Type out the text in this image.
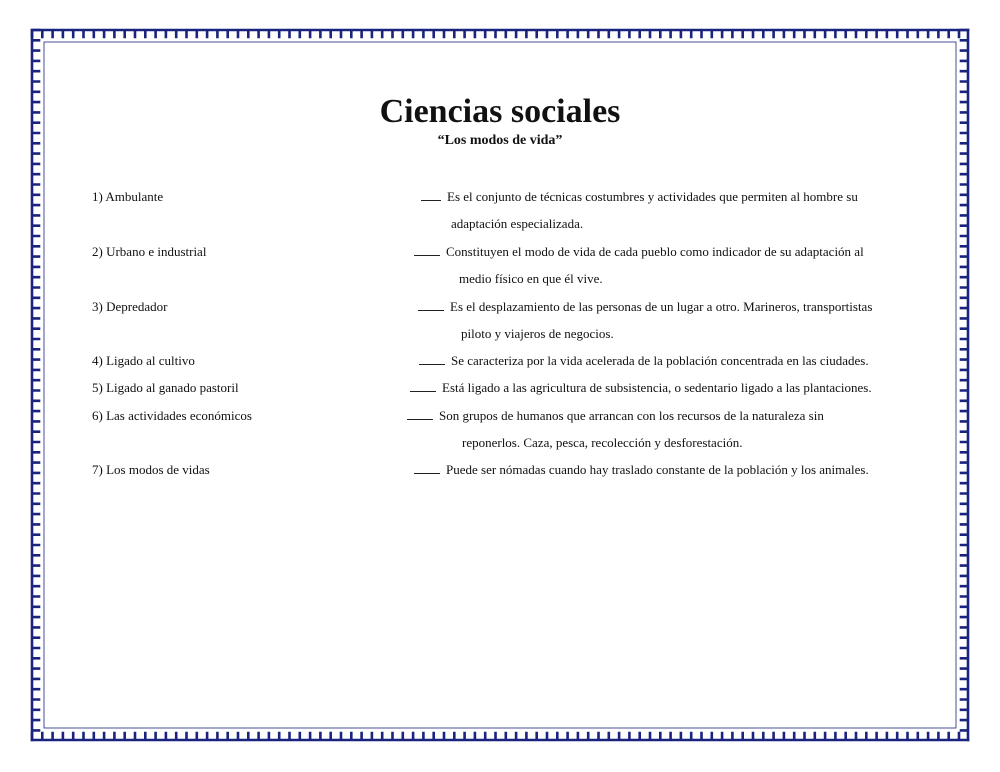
Ciencias sociales
“Los modos de vida”
1) Ambulante
2) Urbano e industrial
3) Depredador
4) Ligado al cultivo
5) Ligado al ganado pastoril
6) Las actividades económicos
7) Los modos de vidas
Es el conjunto de técnicas costumbres y actividades que permiten al hombre su
adaptación especializada.
Constituyen el modo de vida de cada pueblo como indicador de su adaptación al
medio físico en que él vive.
Es el desplazamiento de las personas de un lugar a otro. Marineros, transportistas
piloto y viajeros de negocios.
Se caracteriza por la vida acelerada de la población concentrada en las ciudades.
Está ligado a las agricultura de subsistencia, o sedentario ligado a las plantaciones.
Son grupos de humanos que arrancan con los recursos de la naturaleza sin
reponerlos. Caza, pesca, recolección y desforestación.
Puede ser nómadas cuando hay traslado constante de la población y los animales.
